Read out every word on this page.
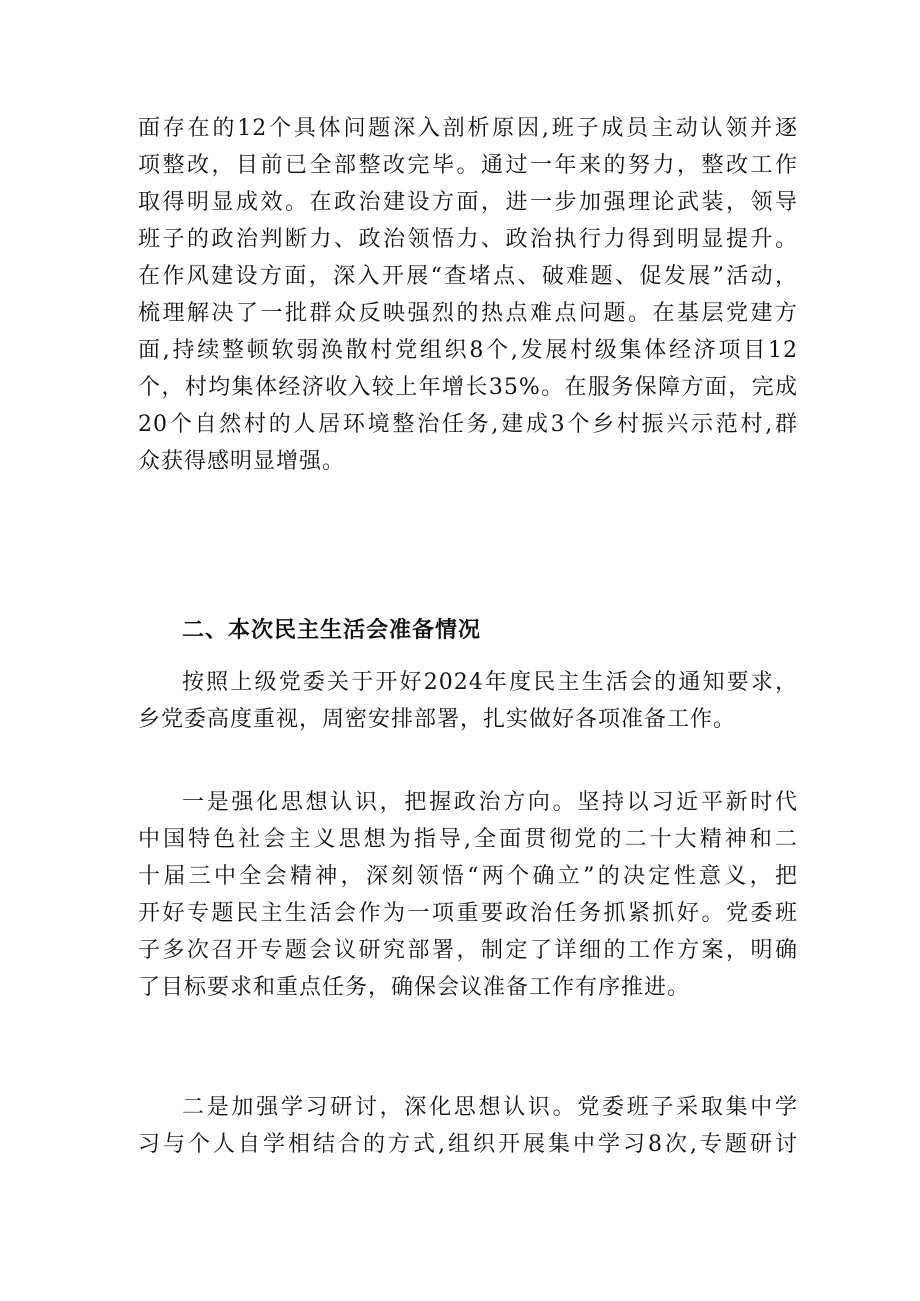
面存在的12个具体问题深入剖析原因,班子成员主动认领并逐
项整改，目前已全部整改完毕。通过一年来的努力，整改工作
取得明显成效。在政治建设方面，进一步加强理论武装，领导
班子的政治判断力、政治领悟力、政治执行力得到明显提升。
在作风建设方面，深入开展“查堵点、破难题、促发展”活动，
梳理解决了一批群众反映强烈的热点难点问题。在基层党建方
面,持续整顿软弱涣散村党组织8个,发展村级集体经济项目12
个，村均集体经济收入较上年增长35%。在服务保障方面，完成
20个自然村的人居环境整治任务,建成3个乡村振兴示范村,群
众获得感明显增强。
二、本次民主生活会准备情况
按照上级党委关于开好2024年度民主生活会的通知要求，
乡党委高度重视，周密安排部署，扎实做好各项准备工作。
一是强化思想认识，把握政治方向。坚持以习近平新时代
中国特色社会主义思想为指导,全面贯彻党的二十大精神和二
十届三中全会精神，深刻领悟“两个确立”的决定性意义，把
开好专题民主生活会作为一项重要政治任务抓紧抓好。党委班
子多次召开专题会议研究部署，制定了详细的工作方案，明确
了目标要求和重点任务，确保会议准备工作有序推进。
二是加强学习研讨，深化思想认识。党委班子采取集中学
习与个人自学相结合的方式,组织开展集中学习8次,专题研讨
